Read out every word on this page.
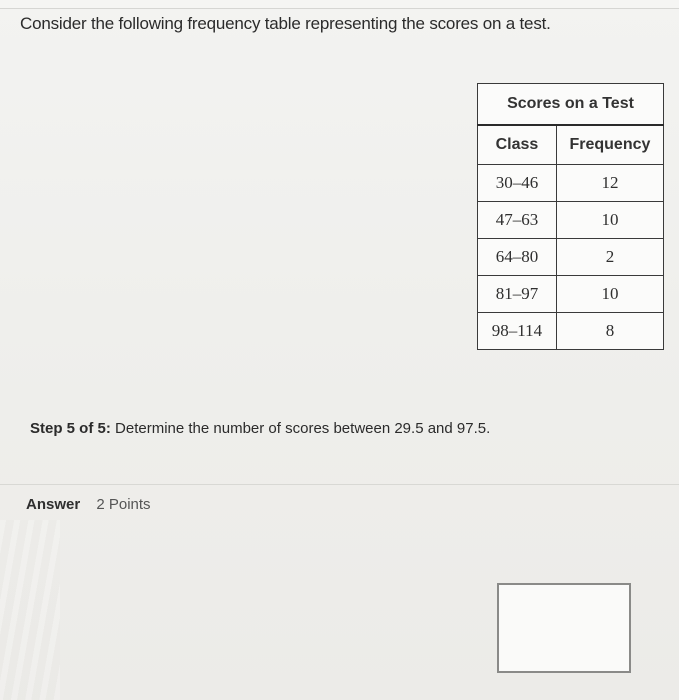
Consider the following frequency table representing the scores on a test.
Scores on a Test	
Class	Frequency
30–46	12
47–63	10
64–80	2
81–97	10
98–114	8
Step 5 of 5: Determine the number of scores between 29.5 and 97.5.
Answer 2 Points
